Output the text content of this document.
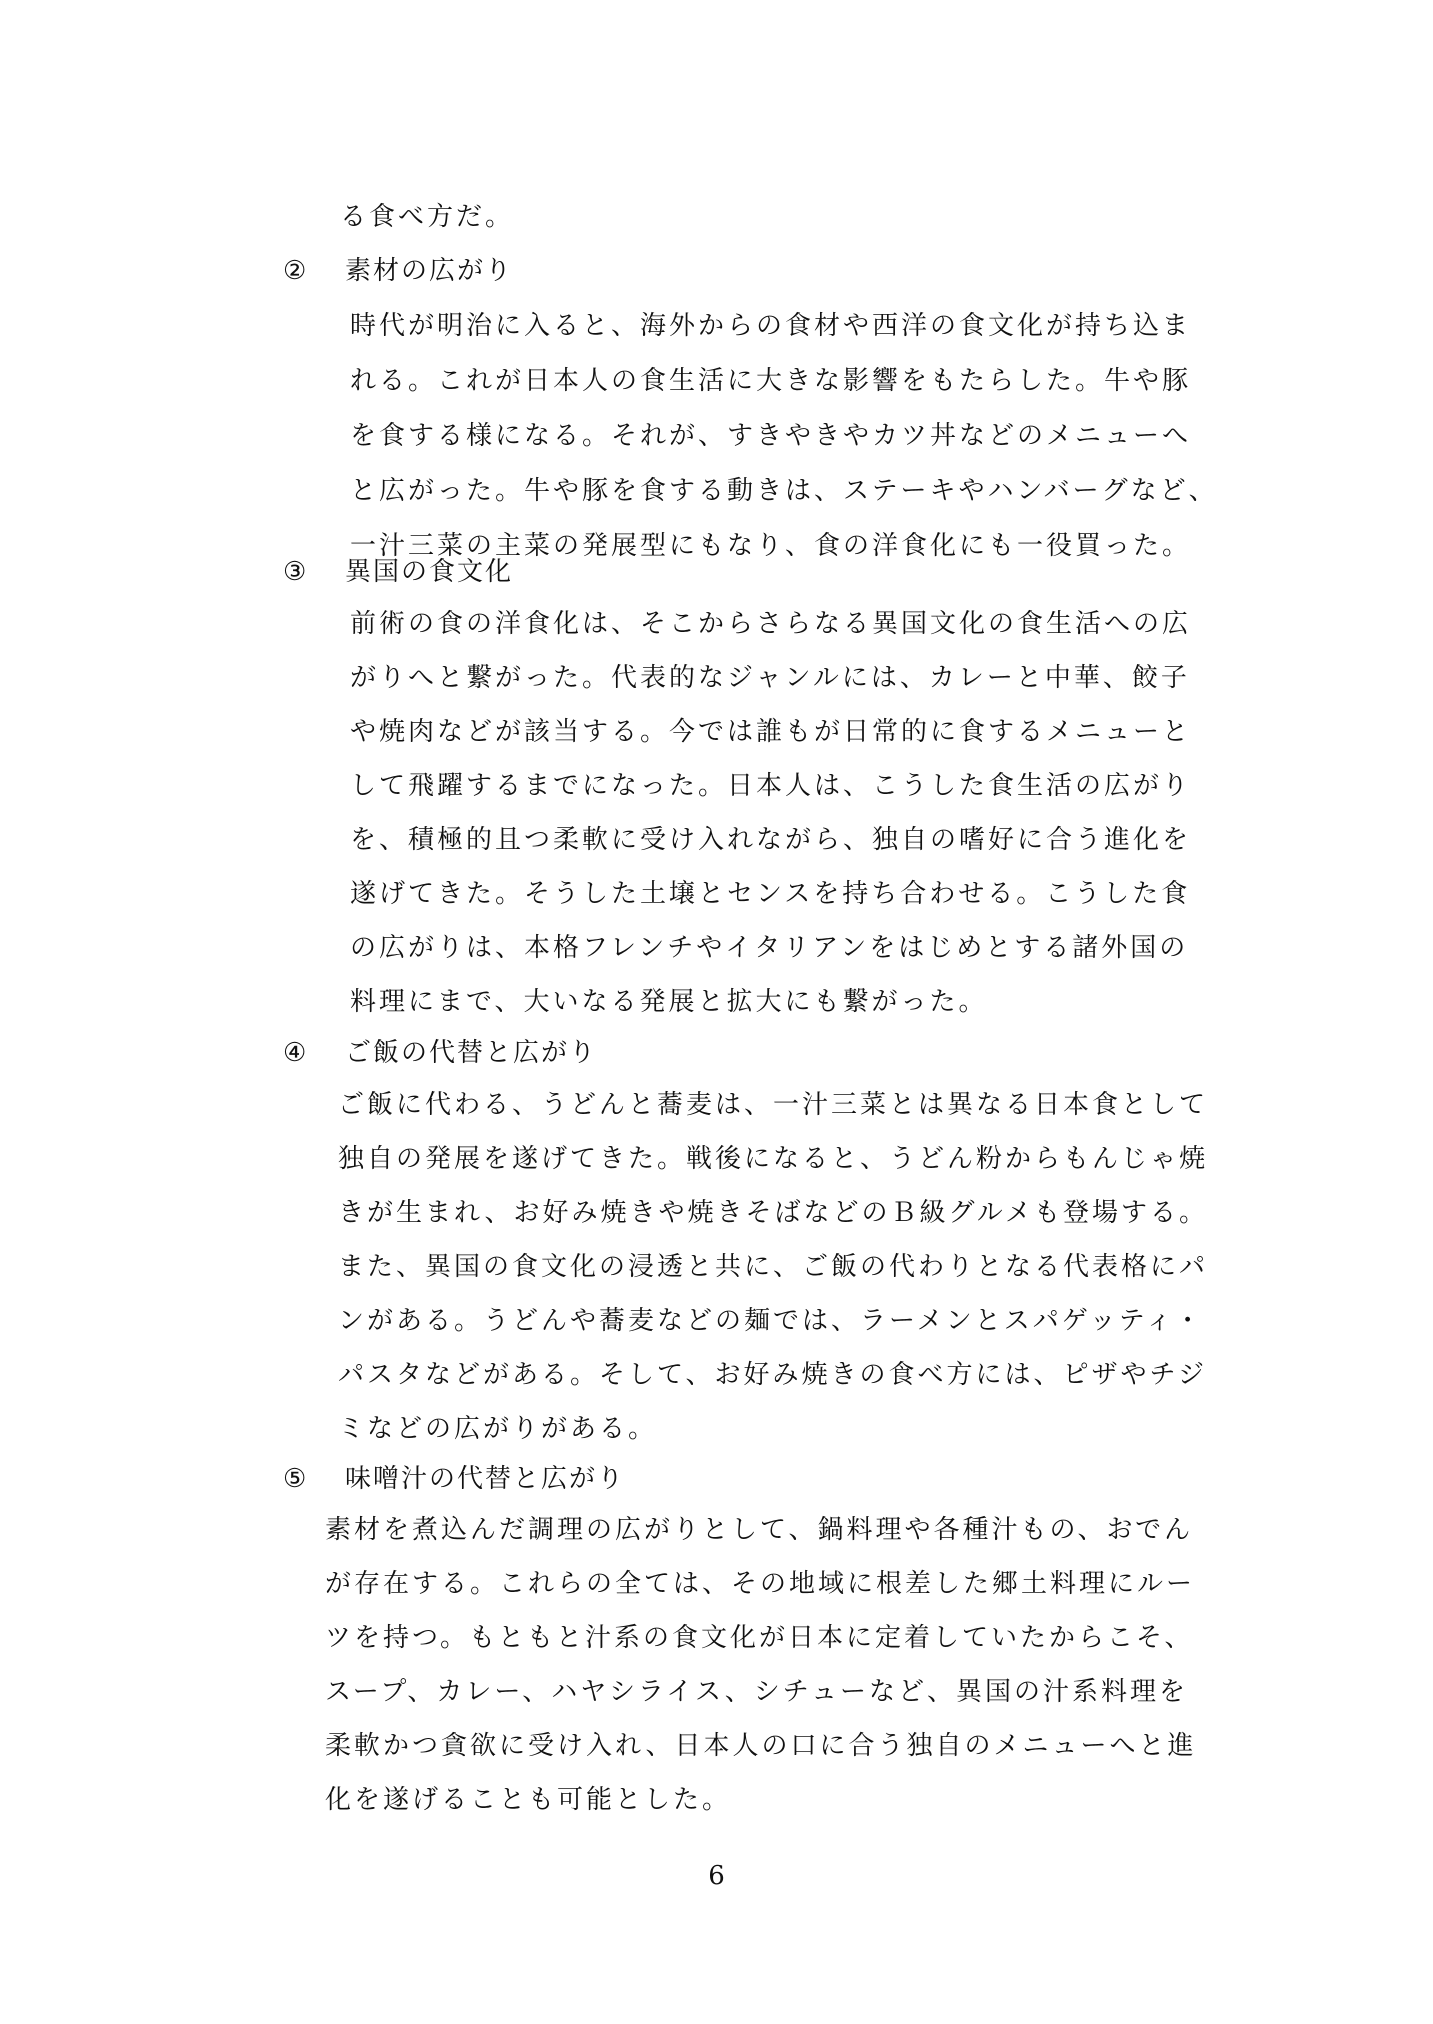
る食べ方だ。
② 素材の広がり
時代が明治に入ると、海外からの食材や西洋の食文化が持ち込ま
れる。これが日本人の食生活に大きな影響をもたらした。牛や豚
を食する様になる。それが、すきやきやカツ丼などのメニューへ
と広がった。牛や豚を食する動きは、ステーキやハンバーグなど、
一汁三菜の主菜の発展型にもなり、食の洋食化にも一役買った。
③ 異国の食文化
前術の食の洋食化は、そこからさらなる異国文化の食生活への広
がりへと繋がった。代表的なジャンルには、カレーと中華、餃子
や焼肉などが該当する。今では誰もが日常的に食するメニューと
して飛躍するまでになった。日本人は、こうした食生活の広がり
を、積極的且つ柔軟に受け入れながら、独自の嗜好に合う進化を
遂げてきた。そうした土壌とセンスを持ち合わせる。こうした食
の広がりは、本格フレンチやイタリアンをはじめとする諸外国の
料理にまで、大いなる発展と拡大にも繋がった。
④ ご飯の代替と広がり
ご飯に代わる、うどんと蕎麦は、一汁三菜とは異なる日本食として
独自の発展を遂げてきた。戦後になると、うどん粉からもんじゃ焼
きが生まれ、お好み焼きや焼きそばなどのＢ級グルメも登場する。
また、異国の食文化の浸透と共に、ご飯の代わりとなる代表格にパ
ンがある。うどんや蕎麦などの麺では、ラーメンとスパゲッティ・
パスタなどがある。そして、お好み焼きの食べ方には、ピザやチジ
ミなどの広がりがある。
⑤ 味噌汁の代替と広がり
素材を煮込んだ調理の広がりとして、鍋料理や各種汁もの、おでん
が存在する。これらの全ては、その地域に根差した郷土料理にルー
ツを持つ。もともと汁系の食文化が日本に定着していたからこそ、
スープ、カレー、ハヤシライス、シチューなど、異国の汁系料理を
柔軟かつ貪欲に受け入れ、日本人の口に合う独自のメニューへと進
化を遂げることも可能とした。
6
